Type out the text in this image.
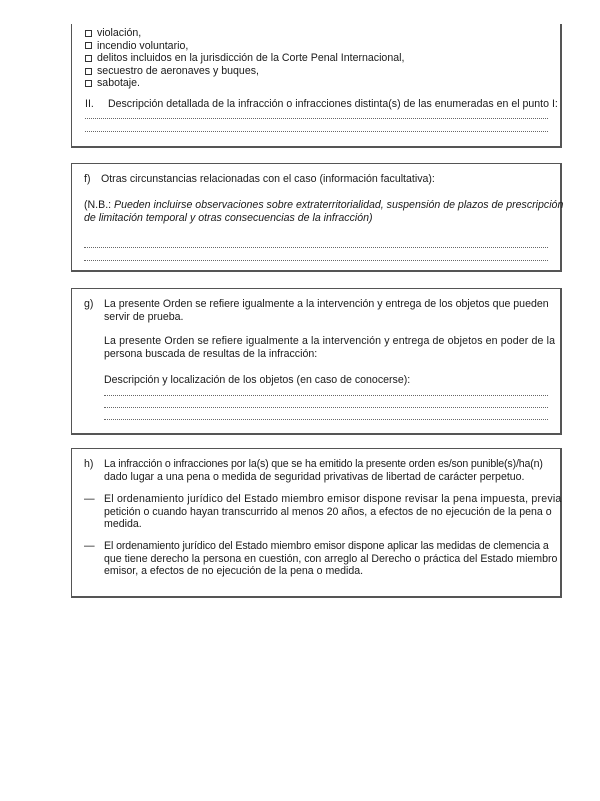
violación,
incendio voluntario,
delitos incluidos en la jurisdicción de la Corte Penal Internacional,
secuestro de aeronaves y buques,
sabotaje.
II. Descripción detallada de la infracción o infracciones distinta(s) de las enumeradas en el punto I:
f) Otras circunstancias relacionadas con el caso (información facultativa):
(N.B.: Pueden incluirse observaciones sobre extraterritorialidad, suspensión de plazos de prescripción
de limitación temporal y otras consecuencias de la infracción)
g) La presente Orden se refiere igualmente a la intervención y entrega de los objetos que pueden
servir de prueba.
La presente Orden se refiere igualmente a la intervención y entrega de objetos en poder de la
persona buscada de resultas de la infracción:
Descripción y localización de los objetos (en caso de conocerse):
h) La infracción o infracciones por la(s) que se ha emitido la presente orden es/son punible(s)/ha(n)
dado lugar a una pena o medida de seguridad privativas de libertad de carácter perpetuo.
— El ordenamiento jurídico del Estado miembro emisor dispone revisar la pena impuesta, previa
petición o cuando hayan transcurrido al menos 20 años, a efectos de no ejecución de la pena o
medida.
— El ordenamiento jurídico del Estado miembro emisor dispone aplicar las medidas de clemencia a
que tiene derecho la persona en cuestión, con arreglo al Derecho o práctica del Estado miembro
emisor, a efectos de no ejecución de la pena o medida.
